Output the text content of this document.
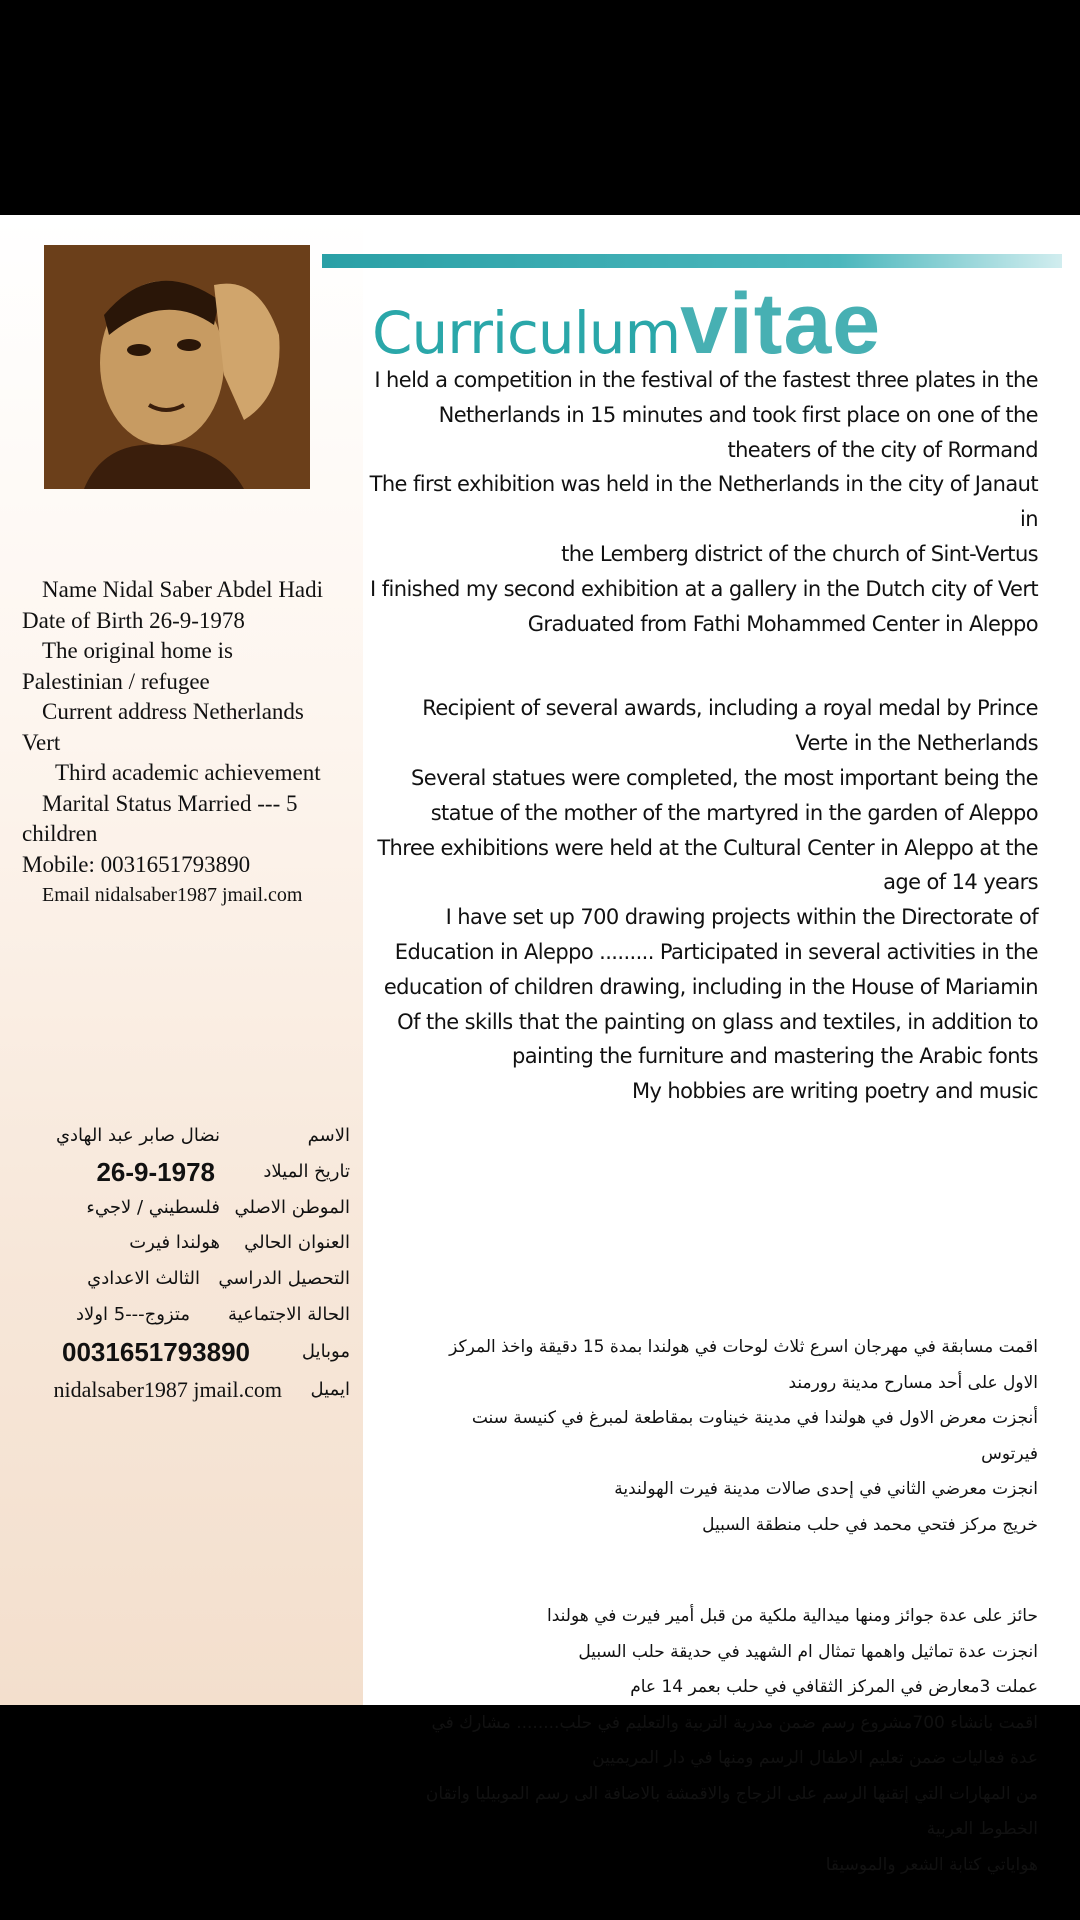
Name Nidal Saber Abdel Hadi
Date of Birth 26-9-1978
The original home is
Palestinian / refugee
Current address Netherlands
Vert
Third academic achievement
Marital Status Married --- 5
children
Mobile: 0031651793890
Email nidalsaber1987 jmail.com
الاسم
نضال صابر عبد الهادي
تاريخ الميلاد
26-9-1978
الموطن الاصلي
فلسطيني / لاجيء
العنوان الحالي
هولندا فيرت
التحصيل الدراسي
الثالث الاعدادي
الحالة الاجتماعية
متزوج---5 اولاد
موبايل
0031651793890
ايميل
nidalsaber1987 jmail.com
Curriculumvitae

I held a competition in the festival of the fastest three plates in the

Netherlands in 15 minutes and took first place on one of the

theaters of the city of Rormand

The first exhibition was held in the Netherlands in the city of Janaut in

the Lemberg district of the church of Sint-Vertus

I finished my second exhibition at a gallery in the Dutch city of Vert

Graduated from Fathi Mohammed Center in Aleppo

Recipient of several awards, including a royal medal by Prince

Verte in the Netherlands

Several statues were completed, the most important being the

statue of the mother of the martyred in the garden of Aleppo

Three exhibitions were held at the Cultural Center in Aleppo at the

age of 14 years

I have set up 700 drawing projects within the Directorate of

Education in Aleppo ......... Participated in several activities in the

education of children drawing, including in the House of Mariamin

Of the skills that the painting on glass and textiles, in addition to

painting the furniture and mastering the Arabic fonts

My hobbies are writing poetry and music

اقمت مسابقة في مهرجان اسرع ثلاث لوحات في هولندا بمدة 15 دقيقة واخذ المركز

الاول على أحد مسارح مدينة رورمند

أنجزت معرض الاول في هولندا في مدينة خيناوت بمقاطعة لمبرغ في كنيسة سنت

فيرتوس

انجزت معرضي الثاني في إحدى صالات مدينة فيرت الهولندية

خريج مركز فتحي محمد في حلب منطقة السبيل

حائز على عدة جوائز ومنها ميدالية ملكية من قبل أمير فيرت في هولندا

انجزت عدة تماثيل واهمها تمثال ام الشهيد في حديقة حلب السبيل

عملت 3معارض في المركز الثقافي في حلب بعمر 14 عام

اقمت بانشاء 700مشروع رسم ضمن مدرية التربية والتعليم في حلب........ مشارك في

عدة فعاليات ضمن تعليم الاطفال الرسم ومنها في دار المريميين

من المهارات التي إتقنها الرسم على الزجاج والاقمشة بالاضافة الى رسم الموبيليا واتقان

الخطوط العربية

هواياتي كتابة الشعر والموسيقا
